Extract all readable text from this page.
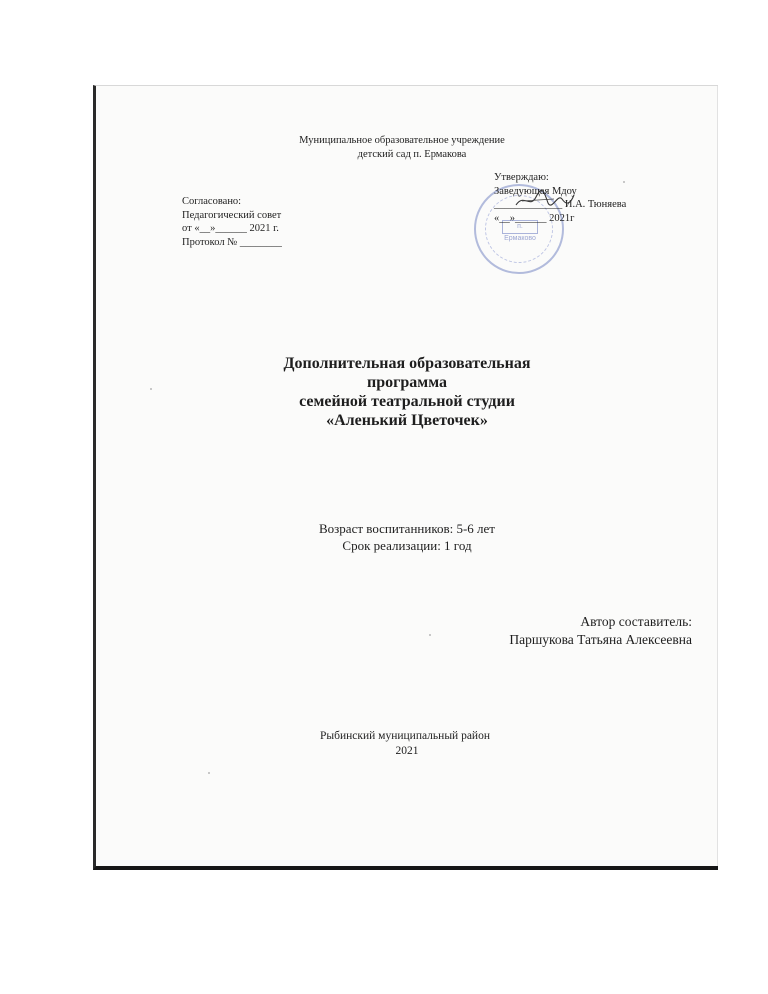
Муниципальное образовательное учреждение
детский сад п. Ермакова
Согласовано:
Педагогический совет
от «__»______ 2021 г.
Протокол № ________
п. Ермаково
Утверждаю:
Заведующая Мдоу
_____________ И.А. Тюняева
«__»______ 2021г
Дополнительная образовательная
программа
семейной театральной студии
«Аленький Цветочек»
Возраст воспитанников: 5-6 лет
Срок реализации: 1 год
Автор составитель:
Паршукова Татьяна Алексеевна
Рыбинский муниципальный район
2021
